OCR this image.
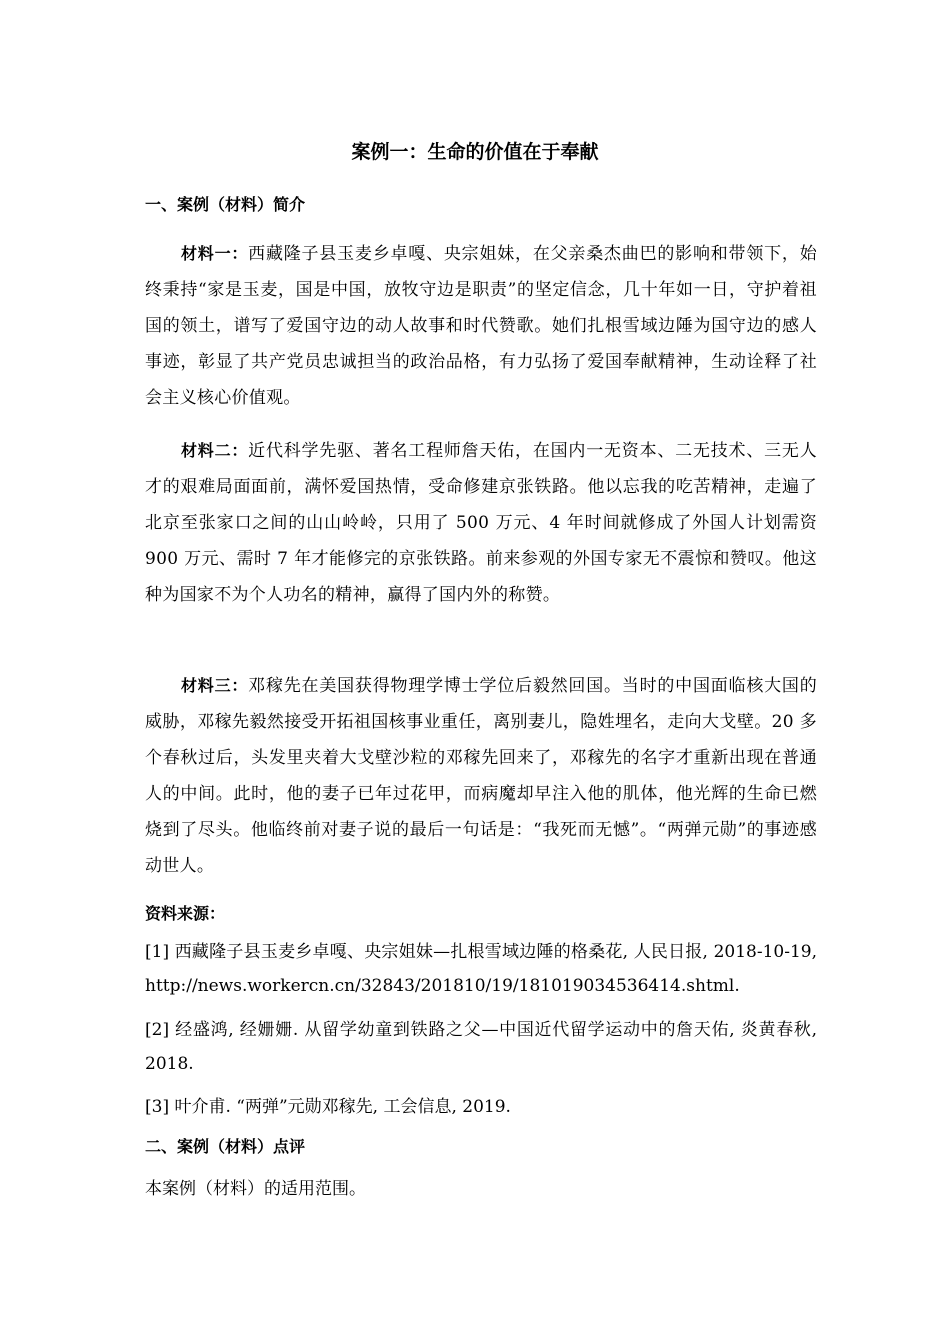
案例一：生命的价值在于奉献
一、案例（材料）简介
材料一：西藏隆子县玉麦乡卓嘎、央宗姐妹，在父亲桑杰曲巴的影响和带领下，始终秉持“家是玉麦，国是中国，放牧守边是职责”的坚定信念，几十年如一日，守护着祖国的领土，谱写了爱国守边的动人故事和时代赞歌。她们扎根雪域边陲为国守边的感人事迹，彰显了共产党员忠诚担当的政治品格，有力弘扬了爱国奉献精神，生动诠释了社会主义核心价值观。
材料二：近代科学先驱、著名工程师詹天佑，在国内一无资本、二无技术、三无人才的艰难局面面前，满怀爱国热情，受命修建京张铁路。他以忘我的吃苦精神，走遍了北京至张家口之间的山山岭岭，只用了 500 万元、4 年时间就修成了外国人计划需资 900 万元、需时 7 年才能修完的京张铁路。前来参观的外国专家无不震惊和赞叹。他这种为国家不为个人功名的精神，赢得了国内外的称赞。
材料三：邓稼先在美国获得物理学博士学位后毅然回国。当时的中国面临核大国的威胁，邓稼先毅然接受开拓祖国核事业重任，离别妻儿，隐姓埋名，走向大戈壁。20 多个春秋过后，头发里夹着大戈壁沙粒的邓稼先回来了，邓稼先的名字才重新出现在普通人的中间。此时，他的妻子已年过花甲，而病魔却早注入他的肌体，他光辉的生命已燃烧到了尽头。他临终前对妻子说的最后一句话是：“我死而无憾”。“两弹元勋”的事迹感动世人。
资料来源：
[1] 西藏隆子县玉麦乡卓嘎、央宗姐妹—扎根雪域边陲的格桑花, 人民日报, 2018-10-19, http://news.workercn.cn/32843/201810/19/181019034536414.shtml.
[2] 经盛鸿, 经姗姗. 从留学幼童到铁路之父—中国近代留学运动中的詹天佑, 炎黄春秋, 2018.
[3] 叶介甫. “两弹”元勋邓稼先, 工会信息, 2019.
二、案例（材料）点评
本案例（材料）的适用范围。
